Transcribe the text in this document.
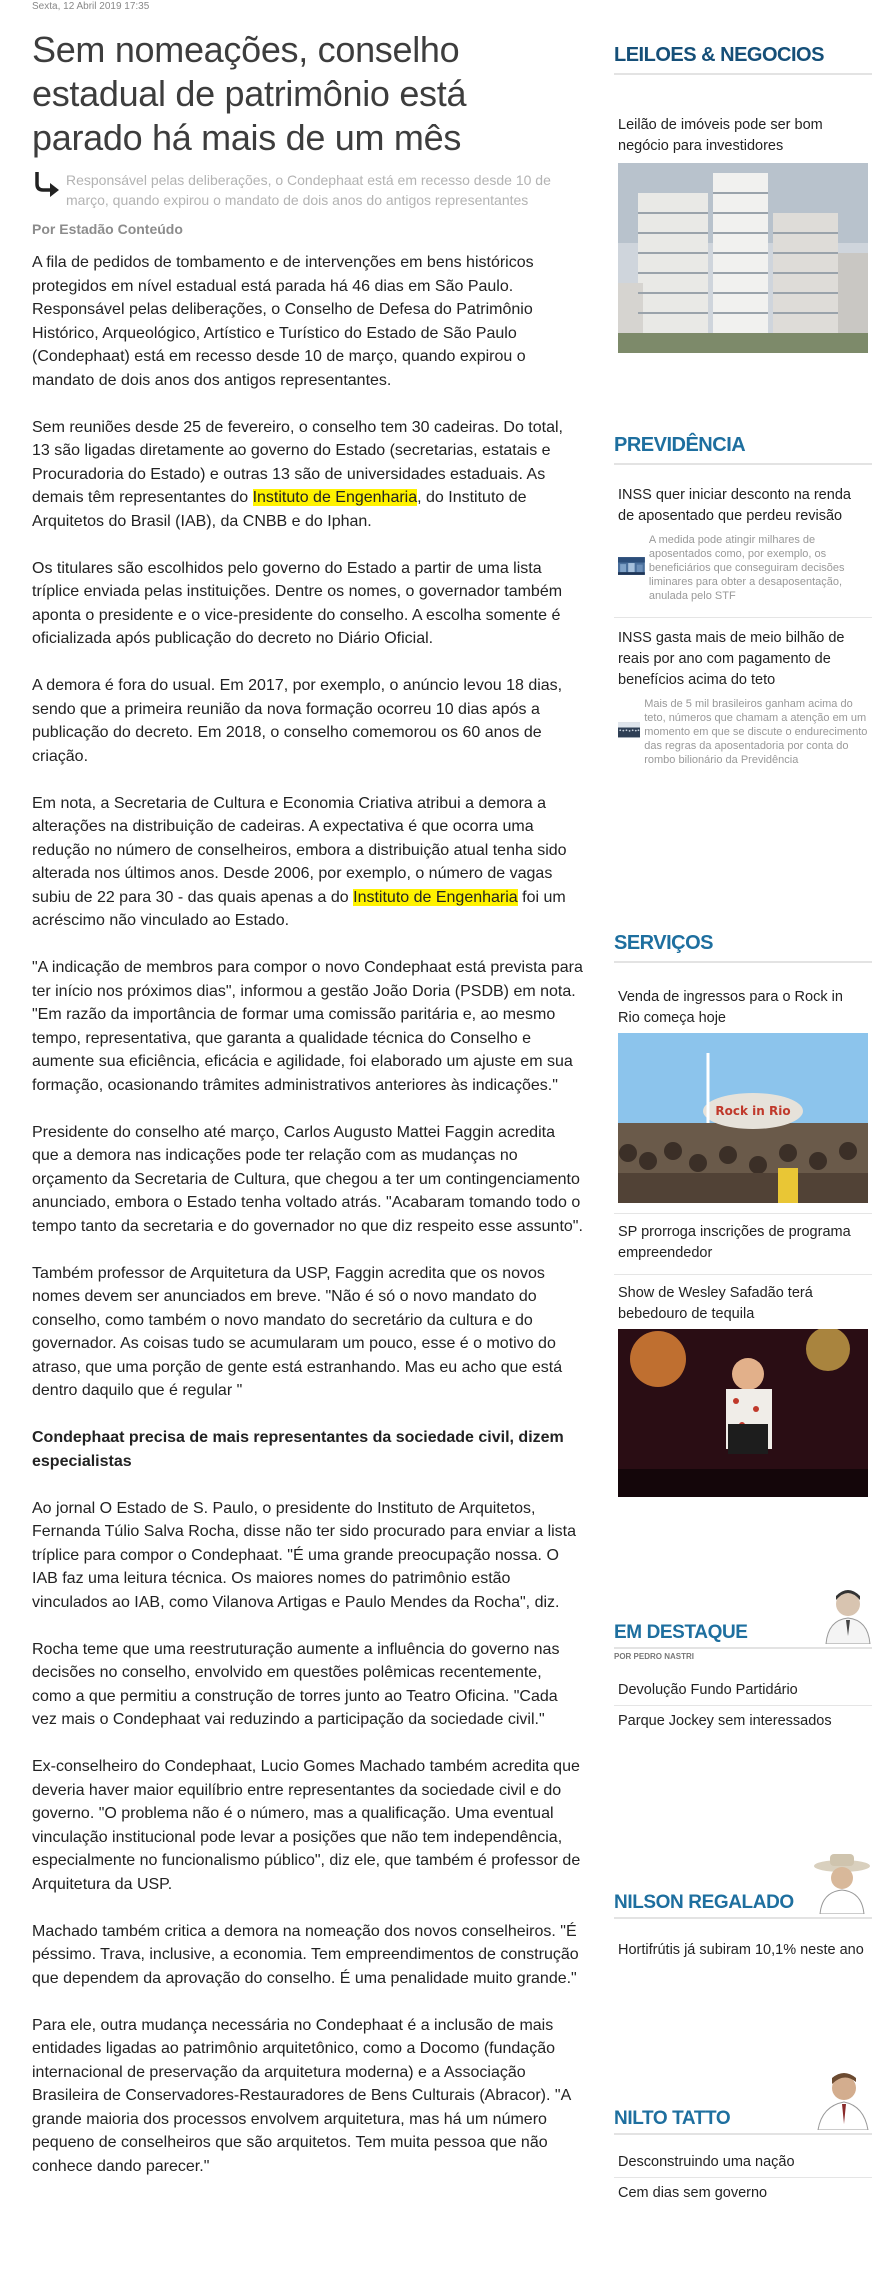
Sexta, 12 Abril 2019 17:35
Sem nomeações, conselho estadual de patrimônio está parado há mais de um mês
Responsável pelas deliberações, o Condephaat está em recesso desde 10 de março, quando expirou o mandato de dois anos do antigos representantes
Por Estadão Conteúdo

A fila de pedidos de tombamento e de intervenções em bens históricos protegidos em nível estadual está parada há 46 dias em São Paulo. Responsável pelas deliberações, o Conselho de Defesa do Patrimônio Histórico, Arqueológico, Artístico e Turístico do Estado de São Paulo (Condephaat) está em recesso desde 10 de março, quando expirou o mandato de dois anos dos antigos representantes.

Sem reuniões desde 25 de fevereiro, o conselho tem 30 cadeiras. Do total, 13 são ligadas diretamente ao governo do Estado (secretarias, estatais e Procuradoria do Estado) e outras 13 são de universidades estaduais. As demais têm representantes do Instituto de Engenharia, do Instituto de Arquitetos do Brasil (IAB), da CNBB e do Iphan.

Os titulares são escolhidos pelo governo do Estado a partir de uma lista tríplice enviada pelas instituições. Dentre os nomes, o governador também aponta o presidente e o vice-presidente do conselho. A escolha somente é oficializada após publicação do decreto no Diário Oficial.

A demora é fora do usual. Em 2017, por exemplo, o anúncio levou 18 dias, sendo que a primeira reunião da nova formação ocorreu 10 dias após a publicação do decreto. Em 2018, o conselho comemorou os 60 anos de criação.

Em nota, a Secretaria de Cultura e Economia Criativa atribui a demora a alterações na distribuição de cadeiras. A expectativa é que ocorra uma redução no número de conselheiros, embora a distribuição atual tenha sido alterada nos últimos anos. Desde 2006, por exemplo, o número de vagas subiu de 22 para 30 - das quais apenas a do Instituto de Engenharia foi um acréscimo não vinculado ao Estado.

"A indicação de membros para compor o novo Condephaat está prevista para ter início nos próximos dias", informou a gestão João Doria (PSDB) em nota. "Em razão da importância de formar uma comissão paritária e, ao mesmo tempo, representativa, que garanta a qualidade técnica do Conselho e aumente sua eficiência, eficácia e agilidade, foi elaborado um ajuste em sua formação, ocasionando trâmites administrativos anteriores às indicações."

Presidente do conselho até março, Carlos Augusto Mattei Faggin acredita que a demora nas indicações pode ter relação com as mudanças no orçamento da Secretaria de Cultura, que chegou a ter um contingenciamento anunciado, embora o Estado tenha voltado atrás. "Acabaram tomando todo o tempo tanto da secretaria e do governador no que diz respeito esse assunto".

Também professor de Arquitetura da USP, Faggin acredita que os novos nomes devem ser anunciados em breve. "Não é só o novo mandato do conselho, como também o novo mandato do secretário da cultura e do governador. As coisas tudo se acumularam um pouco, esse é o motivo do atraso, que uma porção de gente está estranhando. Mas eu acho que está dentro daquilo que é regular "

Condephaat precisa de mais representantes da sociedade civil, dizem especialistas

Ao jornal O Estado de S. Paulo, o presidente do Instituto de Arquitetos, Fernanda Túlio Salva Rocha, disse não ter sido procurado para enviar a lista tríplice para compor o Condephaat. "É uma grande preocupação nossa. O IAB faz uma leitura técnica. Os maiores nomes do patrimônio estão vinculados ao IAB, como Vilanova Artigas e Paulo Mendes da Rocha", diz.

Rocha teme que uma reestruturação aumente a influência do governo nas decisões no conselho, envolvido em questões polêmicas recentemente, como a que permitiu a construção de torres junto ao Teatro Oficina. "Cada vez mais o Condephaat vai reduzindo a participação da sociedade civil."

Ex-conselheiro do Condephaat, Lucio Gomes Machado também acredita que deveria haver maior equilíbrio entre representantes da sociedade civil e do governo. "O problema não é o número, mas a qualificação. Uma eventual vinculação institucional pode levar a posições que não tem independência, especialmente no funcionalismo público", diz ele, que também é professor de Arquitetura da USP.

Machado também critica a demora na nomeação dos novos conselheiros. "É péssimo. Trava, inclusive, a economia. Tem empreendimentos de construção que dependem da aprovação do conselho. É uma penalidade muito grande."

Para ele, outra mudança necessária no Condephaat é a inclusão de mais entidades ligadas ao patrimônio arquitetônico, como a Docomo (fundação internacional de preservação da arquitetura moderna) e a Associação Brasileira de Conservadores-Restauradores de Bens Culturais (Abracor). "A grande maioria dos processos envolvem arquitetura, mas há um número pequeno de conselheiros que são arquitetos. Tem muita pessoa que não conhece dando parecer."

LEILOES & NEGOCIOS
Leilão de imóveis pode ser bom negócio para investidores
PREVIDÊNCIA
INSS quer iniciar desconto na renda de aposentado que perdeu revisão
A medida pode atingir milhares de aposentados como, por exemplo, os beneficiários que conseguiram decisões liminares para obter a desaposentação, anulada pelo STF
INSS gasta mais de meio bilhão de reais por ano com pagamento de benefícios acima do teto
Mais de 5 mil brasileiros ganham acima do teto, números que chamam a atenção em um momento em que se discute o endurecimento das regras da aposentadoria por conta do rombo bilionário da Previdência
SERVIÇOS
Venda de ingressos para o Rock in Rio começa hoje
Rock in Rio
SP prorroga inscrições de programa empreendedor
Show de Wesley Safadão terá bebedouro de tequila
EM DESTAQUE
POR PEDRO NASTRI
Devolução Fundo Partidário
Parque Jockey sem interessados
NILSON REGALADO
Hortifrútis já subiram 10,1% neste ano
NILTO TATTO
Desconstruindo uma nação
Cem dias sem governo
